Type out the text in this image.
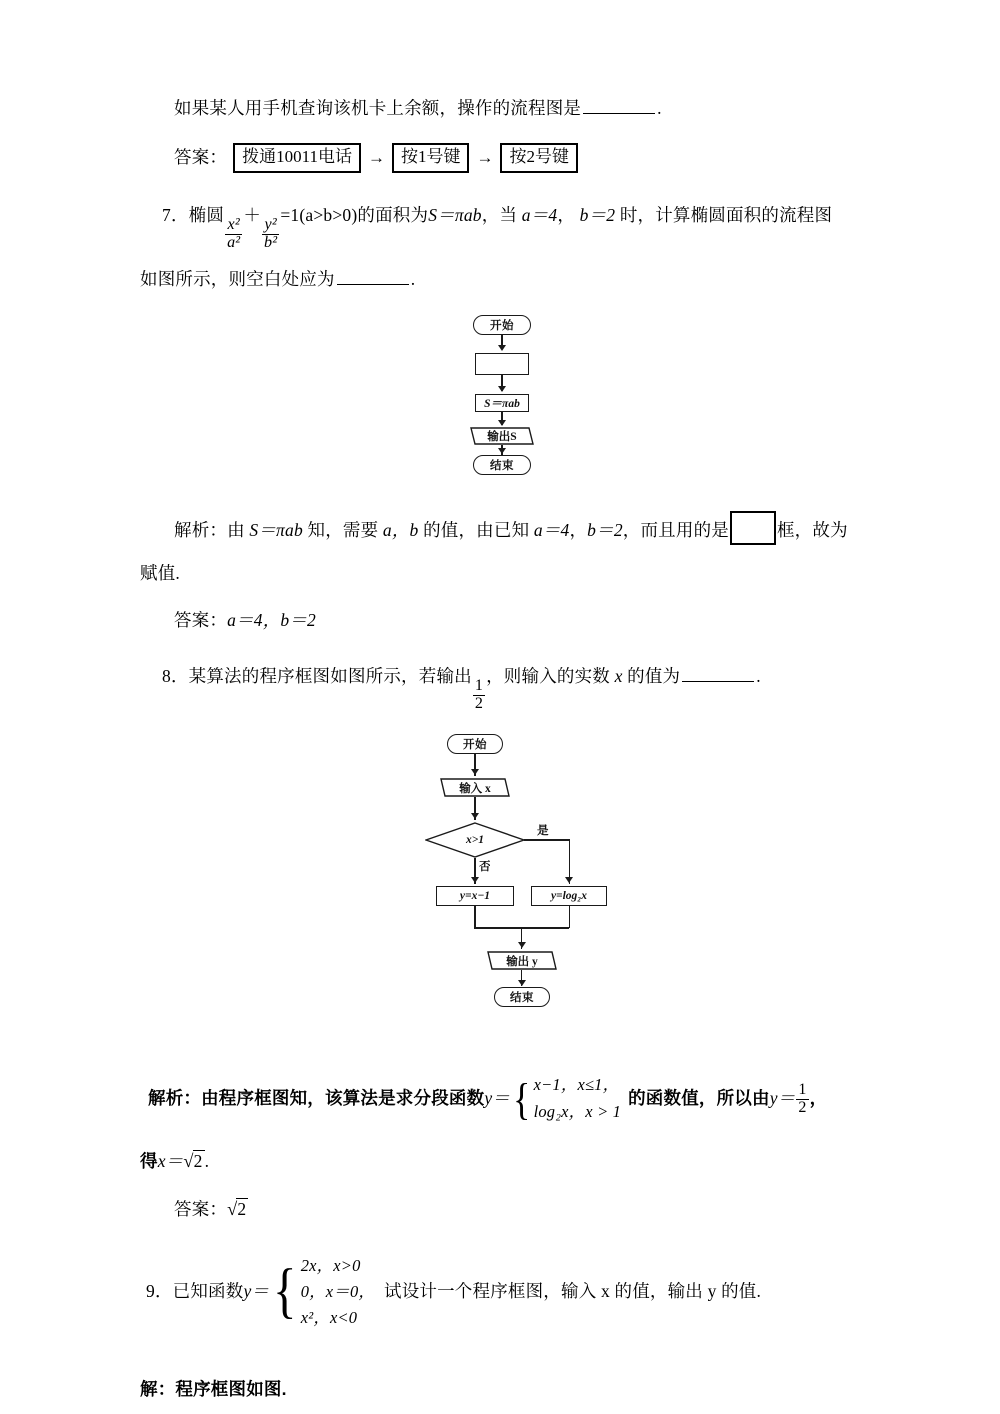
如果某人用手机查询该机卡上余额，操作的流程图是	.
答案： 拨通10011电话 → 按1号键 → 按2号键
7．椭圆
$\frac{\text{x²}}{\text{a²}}$
＋
$\frac{\text{y²}}{\text{b²}}$
=1(a>b>0)的面积为S＝πab，当 a＝4， b＝2 时，计算椭圆面积的流程图
如图所示，则空白处应为	.
开始
S＝πab
输出S
结束
解析：由 S＝πab 知，需要 a，b 的值，由已知 a＝4，b＝2，而且用的是	框，故为
赋值.
答案：a＝4，b＝2
8．某算法的程序框图如图所示，若输出
$\frac{1}{2}$
，则输入的实数 x 的值为	.
开始
输入 x
x>1
是
否
y=x−1	y=log₂x
输出 y
结束
解析： 由程序框图知，该算法是求分段函数 y＝ { x−1，x≤1，
log₂x，x > 1
的函数值，所以由 $y= \frac{1}{2}$ ，
得x＝√2 .
答案：√2
9． 已知函数 y＝ { 2x，x>0
0，x＝0，
x²，x<0
试设计一个程序框图，输入 x 的值，输出 y 的值.
解：程序框图如图.
